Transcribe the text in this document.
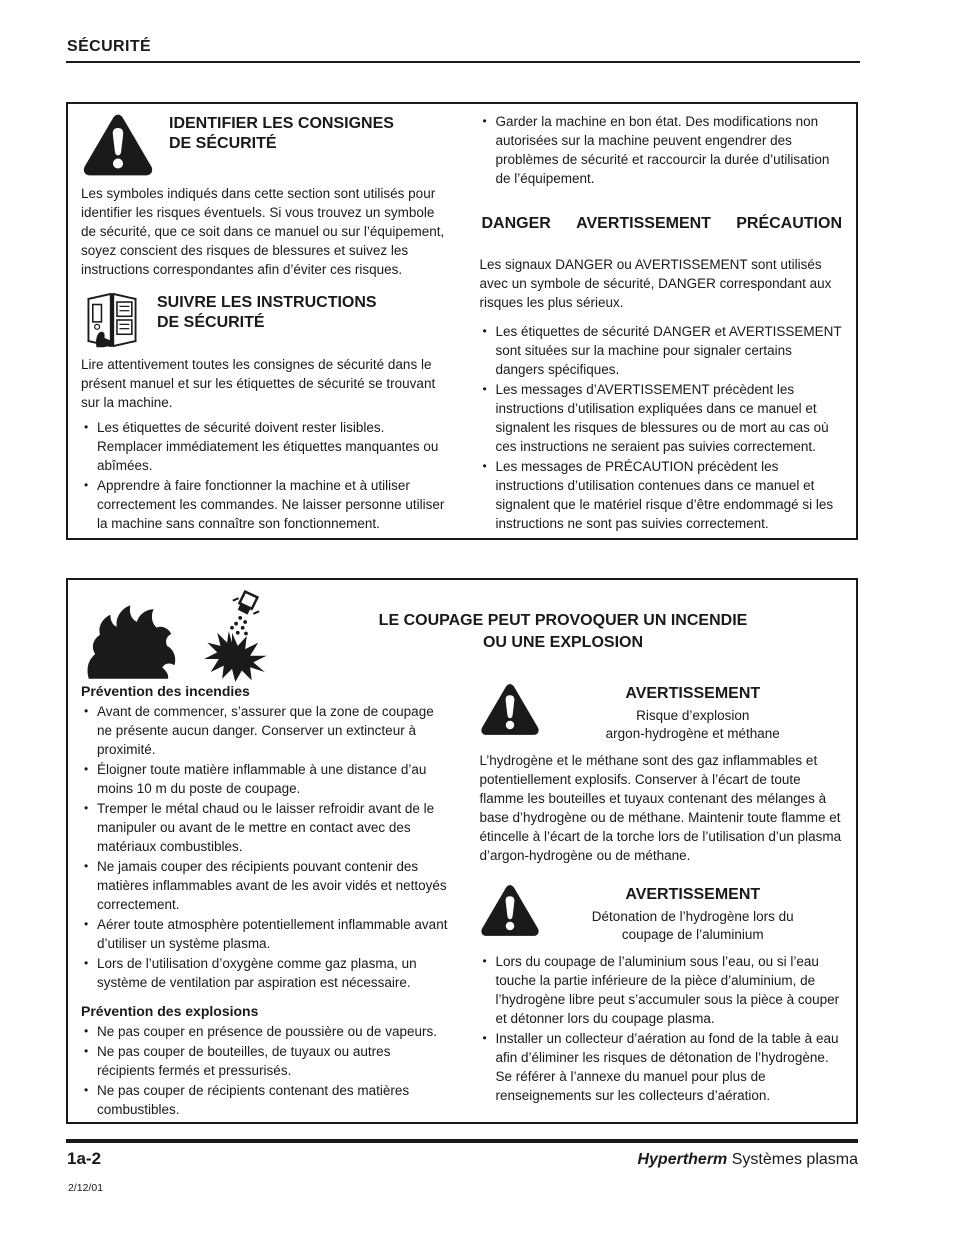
SÉCURITÉ
IDENTIFIER LES CONSIGNES
DE SÉCURITÉ

Les symboles indiqués dans cette section sont utilisés pour identifier les risques éventuels. Si vous trouvez un symbole de sécurité, que ce soit dans ce manuel ou sur l’équipement, soyez conscient des risques de blessures et suivez les instructions correspondantes afin d’éviter ces risques.

SUIVRE LES INSTRUCTIONS
DE SÉCURITÉ

Lire attentivement toutes les consignes de sécurité dans le présent manuel et sur les étiquettes de sécurité se trouvant sur la machine.

• Les étiquettes de sécurité doivent rester lisibles. Remplacer immédiatement les étiquettes manquantes ou abîmées.
• Apprendre à faire fonctionner la machine et à utiliser correctement les commandes. Ne laisser personne utiliser la machine sans connaître son fonctionnement.
• Garder la machine en bon état. Des modifications non autorisées sur la machine peuvent engendrer des problèmes de sécurité et raccourcir la durée d’utilisation de l’équipement.
DANGER AVERTISSEMENT PRÉCAUTION

Les signaux DANGER ou AVERTISSEMENT sont utilisés avec un symbole de sécurité, DANGER correspondant aux risques les plus sérieux.

• Les étiquettes de sécurité DANGER et AVERTISSEMENT sont situées sur la machine pour signaler certains dangers spécifiques.
• Les messages d’AVERTISSEMENT précèdent les instructions d’utilisation expliquées dans ce manuel et signalent les risques de blessures ou de mort au cas où ces instructions ne seraient pas suivies correctement.
• Les messages de PRÉCAUTION précèdent les instructions d’utilisation contenues dans ce manuel et signalent que le matériel risque d’être endommagé si les instructions ne sont pas suivies correctement.
LE COUPAGE PEUT PROVOQUER UN INCENDIE
OU UNE EXPLOSION
Prévention des incendies
• Avant de commencer, s’assurer que la zone de coupage ne présente aucun danger. Conserver un extincteur à proximité.
• Éloigner toute matière inflammable à une distance d’au moins 10 m du poste de coupage.
• Tremper le métal chaud ou le laisser refroidir avant de le manipuler ou avant de le mettre en contact avec des matériaux combustibles.
• Ne jamais couper des récipients pouvant contenir des matières inflammables avant de les avoir vidés et nettoyés correctement.
• Aérer toute atmosphère potentiellement inflammable avant d’utiliser un système plasma.
• Lors de l’utilisation d’oxygène comme gaz plasma, un système de ventilation par aspiration est nécessaire.
Prévention des explosions
• Ne pas couper en présence de poussière ou de vapeurs.
• Ne pas couper de bouteilles, de tuyaux ou autres récipients fermés et pressurisés.
• Ne pas couper de récipients contenant des matières combustibles.
AVERTISSEMENT
Risque d’explosion
argon-hydrogène et méthane

L’hydrogène et le méthane sont des gaz inflammables et potentiellement explosifs. Conserver à l’écart de toute flamme les bouteilles et tuyaux contenant des mélanges à base d’hydrogène ou de méthane. Maintenir toute flamme et étincelle à l’écart de la torche lors de l’utilisation d’un plasma d’argon-hydrogène ou de méthane.

AVERTISSEMENT
Détonation de l’hydrogène lors du
coupage de l’aluminium
• Lors du coupage de l’aluminium sous l’eau, ou si l’eau touche la partie inférieure de la pièce d’aluminium, de l’hydrogène libre peut s’accumuler sous la pièce à couper et détonner lors du coupage plasma.
• Installer un collecteur d’aération au fond de la table à eau afin d’éliminer les risques de détonation de l’hydrogène. Se référer à l’annexe du manuel pour plus de renseignements sur les collecteurs d’aération.
1a-2	Hypertherm Systèmes plasma
2/12/01
